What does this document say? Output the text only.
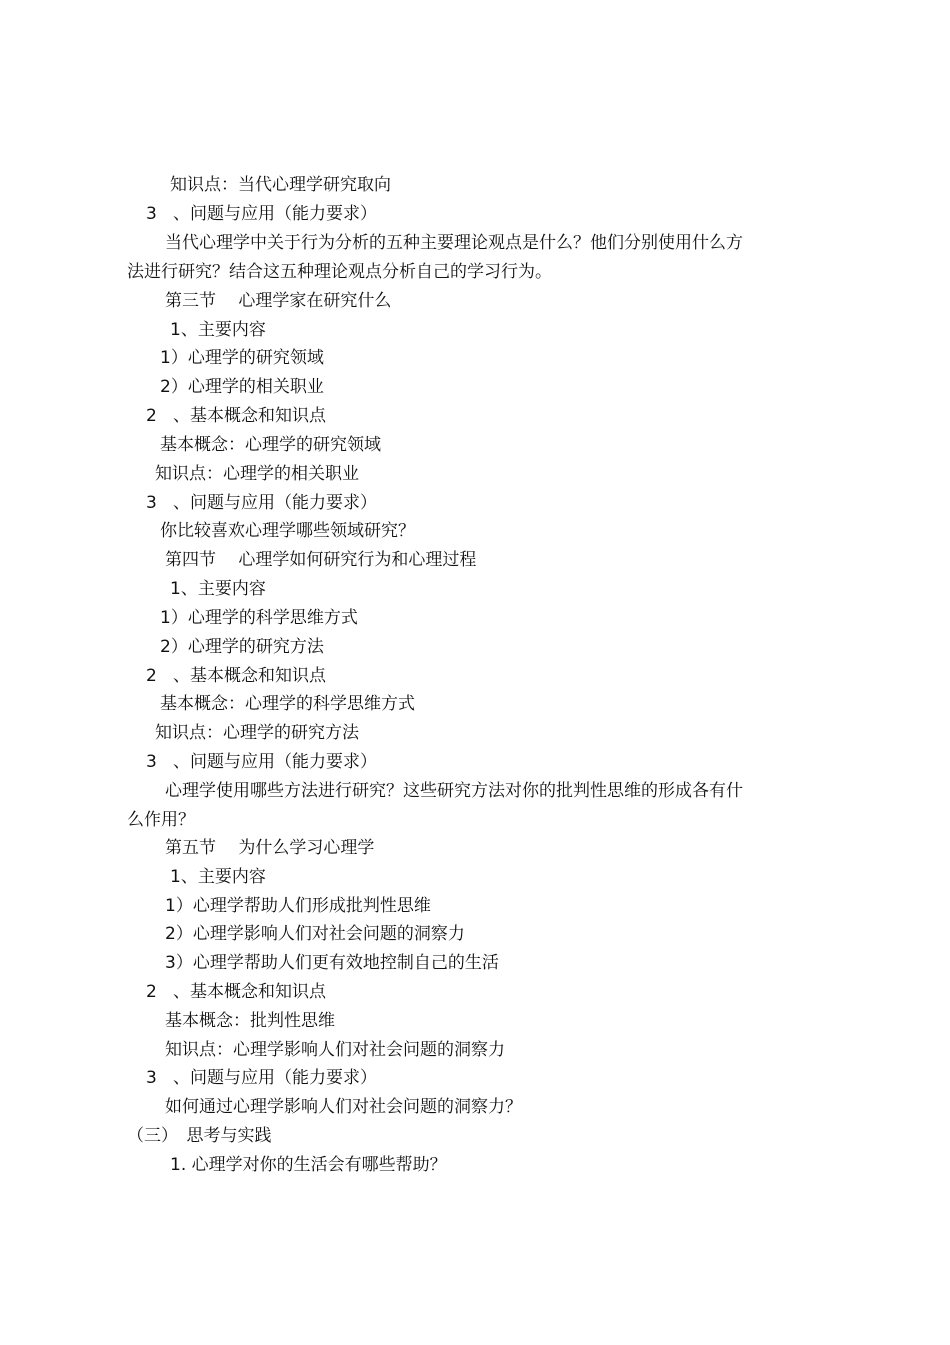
知识点：当代心理学研究取向
3 、问题与应用（能力要求）
当代心理学中关于行为分析的五种主要理论观点是什么？他们分别使用什么方
法进行研究？结合这五种理论观点分析自己的学习行为。
第三节　 心理学家在研究什么
1、主要内容
1）心理学的研究领域
2）心理学的相关职业
2 、基本概念和知识点
基本概念：心理学的研究领域
知识点：心理学的相关职业
3 、问题与应用（能力要求）
你比较喜欢心理学哪些领域研究？
第四节　 心理学如何研究行为和心理过程
1、主要内容
1）心理学的科学思维方式
2）心理学的研究方法
2 、基本概念和知识点
基本概念：心理学的科学思维方式
知识点：心理学的研究方法
3 、问题与应用（能力要求）
心理学使用哪些方法进行研究？这些研究方法对你的批判性思维的形成各有什
么作用？
第五节　 为什么学习心理学
1、主要内容
1）心理学帮助人们形成批判性思维
2）心理学影响人们对社会问题的洞察力
3）心理学帮助人们更有效地控制自己的生活
2 、基本概念和知识点
基本概念：批判性思维
知识点：心理学影响人们对社会问题的洞察力
3 、问题与应用（能力要求）
如何通过心理学影响人们对社会问题的洞察力？
（三）　思考与实践
1. 心理学对你的生活会有哪些帮助？
